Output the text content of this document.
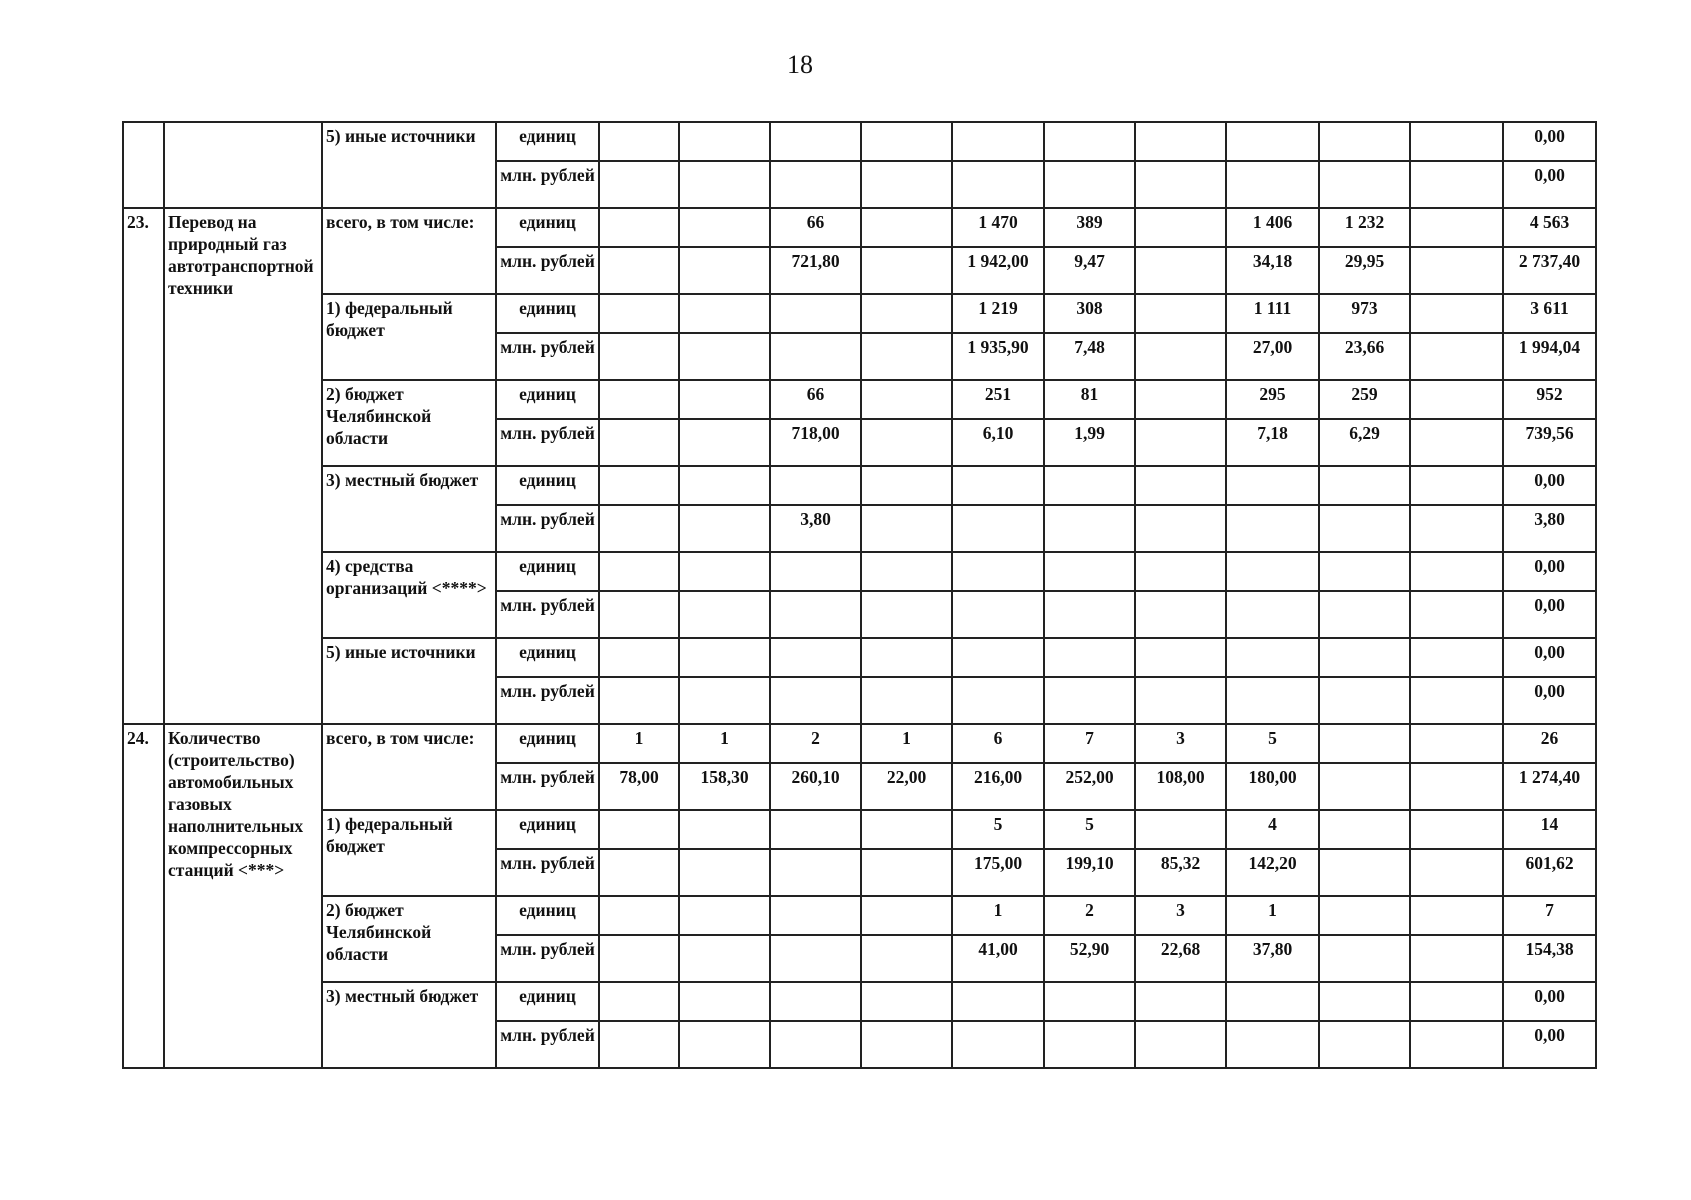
18
		5) иные источники	единиц											0,00
			млн. рублей											0,00
23.	Перевод на природный газ автотранспортной техники	всего, в том числе:	единиц			66		1 470	389		1 406	1 232		4 563
			млн. рублей			721,80		1 942,00	9,47		34,18	29,95		2 737,40
		1) федеральный бюджет	единиц					1 219	308		1 111	973		3 611
			млн. рублей					1 935,90	7,48		27,00	23,66		1 994,04
		2) бюджет Челябинской области	единиц			66		251	81		295	259		952
			млн. рублей			718,00		6,10	1,99		7,18	6,29		739,56
		3) местный бюджет	единиц											0,00
			млн. рублей			3,80								3,80
		4) средства организаций <****>	единиц											0,00
			млн. рублей											0,00
		5) иные источники	единиц											0,00
			млн. рублей											0,00
24.	Количество (строительство) автомобильных газовых наполнительных компрессорных станций <***>	всего, в том числе:	единиц	1	1	2	1	6	7	3	5			26
			млн. рублей	78,00	158,30	260,10	22,00	216,00	252,00	108,00	180,00			1 274,40
		1) федеральный бюджет	единиц					5	5		4			14
			млн. рублей					175,00	199,10	85,32	142,20			601,62
		2) бюджет Челябинской области	единиц					1	2	3	1			7
			млн. рублей					41,00	52,90	22,68	37,80			154,38
		3) местный бюджет	единиц											0,00
			млн. рублей											0,00
